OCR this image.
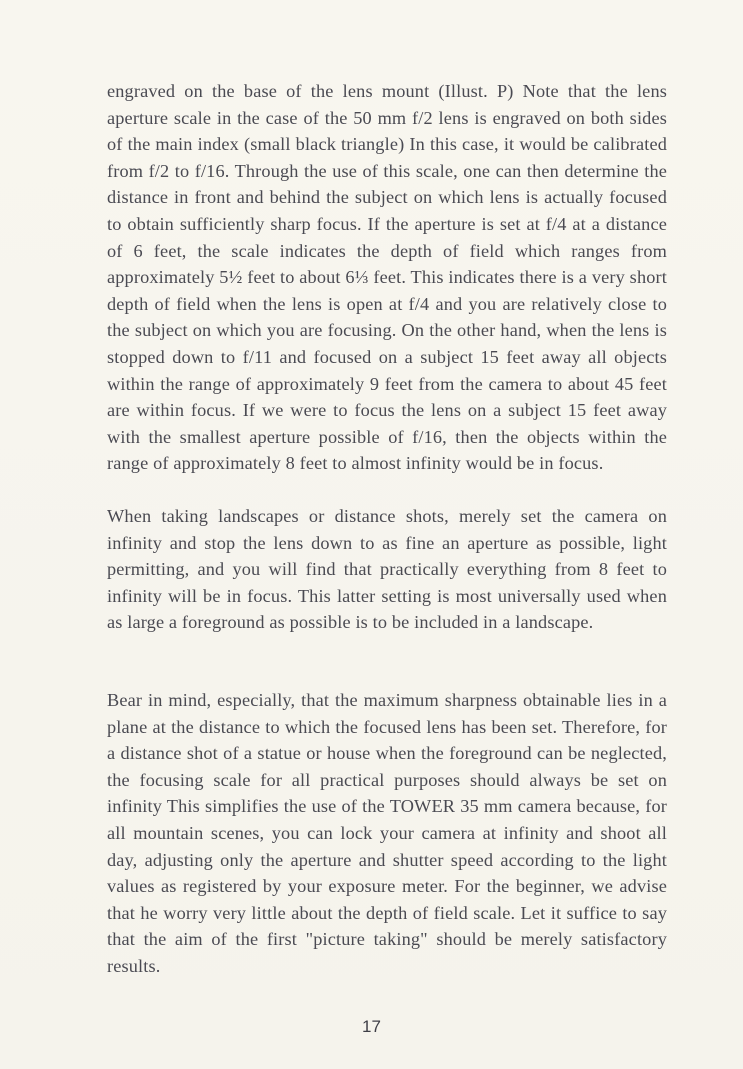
engraved on the base of the lens mount (Illust. P) Note that the lens aperture scale in the case of the 50 mm f/2 lens is engraved on both sides of the main index (small black triangle) In this case, it would be calibrated from f/2 to f/16. Through the use of this scale, one can then determine the distance in front and behind the subject on which lens is actually focused to obtain sufficiently sharp focus. If the aperture is set at f/4 at a distance of 6 feet, the scale indicates the depth of field which ranges from approximately 5½ feet to about 6⅓ feet. This indicates there is a very short depth of field when the lens is open at f/4 and you are relatively close to the subject on which you are focusing. On the other hand, when the lens is stopped down to f/11 and focused on a subject 15 feet away all objects within the range of approximately 9 feet from the camera to about 45 feet are within focus. If we were to focus the lens on a subject 15 feet away with the smallest aperture possible of f/16, then the objects within the range of approximately 8 feet to almost infinity would be in focus.

When taking landscapes or distance shots, merely set the camera on infinity and stop the lens down to as fine an aperture as possible, light permitting, and you will find that practically everything from 8 feet to infinity will be in focus. This latter setting is most universally used when as large a foreground as possible is to be included in a landscape.

Bear in mind, especially, that the maximum sharpness obtainable lies in a plane at the distance to which the focused lens has been set. Therefore, for a distance shot of a statue or house when the foreground can be neglected, the focusing scale for all practical purposes should always be set on infinity This simplifies the use of the TOWER 35 mm camera because, for all mountain scenes, you can lock your camera at infinity and shoot all day, adjusting only the aperture and shutter speed according to the light values as registered by your exposure meter. For the beginner, we advise that he worry very little about the depth of field scale. Let it suffice to say that the aim of the first "picture taking" should be merely satisfactory results.

17
